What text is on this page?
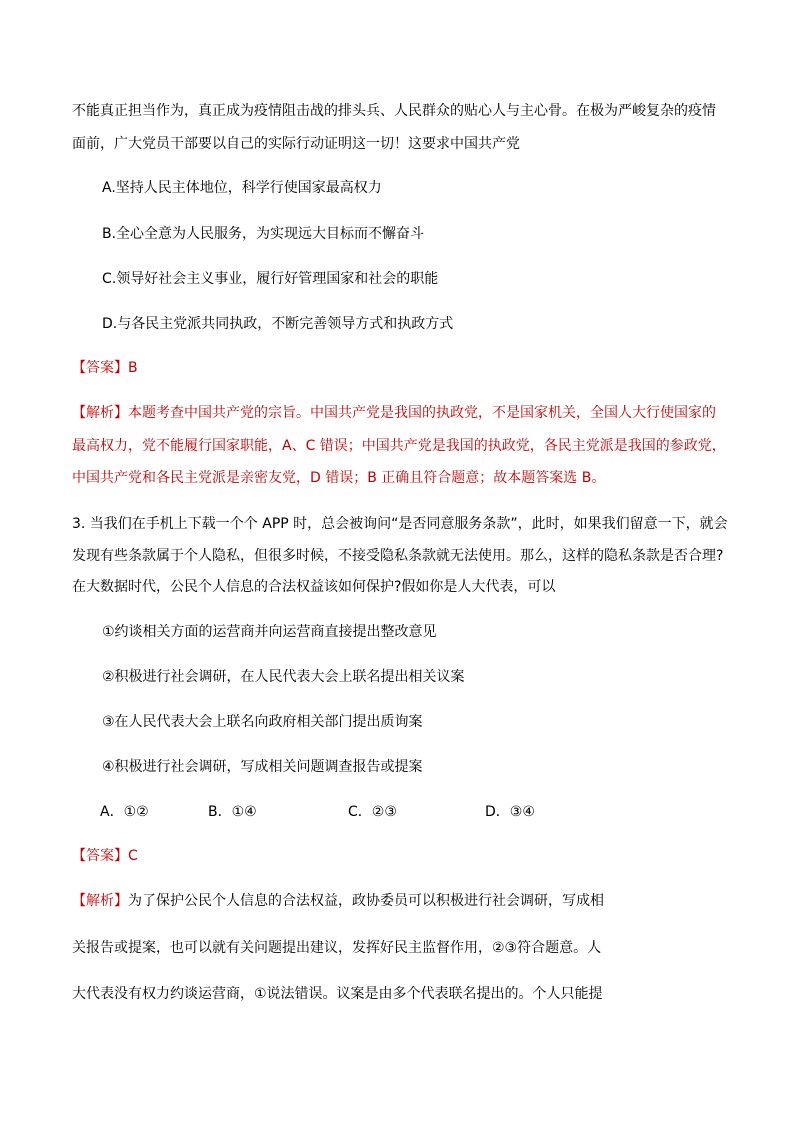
不能真正担当作为，真正成为疫情阻击战的排头兵、人民群众的贴心人与主心骨。在极为严峻复杂的疫情
面前，广大党员干部要以自己的实际行动证明这一切！这要求中国共产党
A.坚持人民主体地位，科学行使国家最高权力
B.全心全意为人民服务，为实现远大目标而不懈奋斗
C.领导好社会主义事业，履行好管理国家和社会的职能
D.与各民主党派共同执政，不断完善领导方式和执政方式
【答案】B
【解析】本题考查中国共产党的宗旨。中国共产党是我国的执政党，不是国家机关，全国人大行使国家的
最高权力，党不能履行国家职能，A、C 错误；中国共产党是我国的执政党，各民主党派是我国的参政党，
中国共产党和各民主党派是亲密友党，D 错误；B 正确且符合题意；故本题答案选 B。
3. 当我们在手机上下载一个个 APP 时，总会被询问“是否同意服务条款”，此时，如果我们留意一下，就会
发现有些条款属于个人隐私，但很多时候，不接受隐私条款就无法使用。那么，这样的隐私条款是否合理?
在大数据时代，公民个人信息的合法权益该如何保护?假如你是人大代表，可以
①约谈相关方面的运营商并向运营商直接提出整改意见
②积极进行社会调研，在人民代表大会上联名提出相关议案
③在人民代表大会上联名向政府相关部门提出质询案
④积极进行社会调研，写成相关问题调查报告或提案
A．①②	B．①④	C．②③	D．③④
【答案】C
【解析】为了保护公民个人信息的合法权益，政协委员可以积极进行社会调研，写成相
关报告或提案，也可以就有关问题提出建议，发挥好民主监督作用，②③符合题意。人
大代表没有权力约谈运营商，①说法错误。议案是由多个代表联名提出的。个人只能提
